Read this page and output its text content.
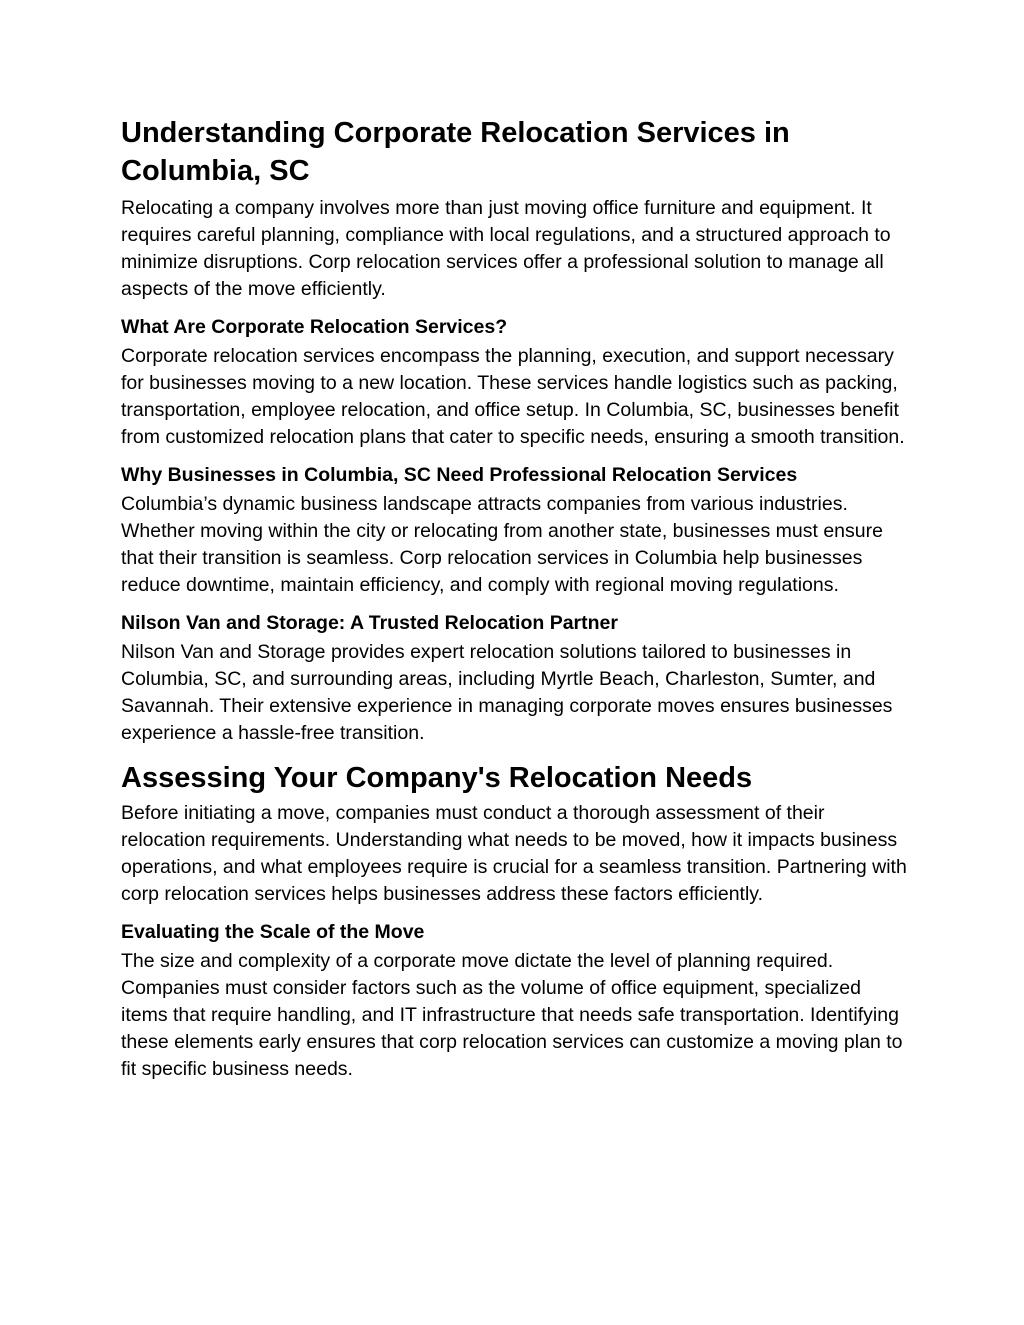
Understanding Corporate Relocation Services in Columbia, SC

Relocating a company involves more than just moving office furniture and equipment. It requires careful planning, compliance with local regulations, and a structured approach to minimize disruptions. Corp relocation services offer a professional solution to manage all aspects of the move efficiently.

What Are Corporate Relocation Services?

Corporate relocation services encompass the planning, execution, and support necessary for businesses moving to a new location. These services handle logistics such as packing, transportation, employee relocation, and office setup. In Columbia, SC, businesses benefit from customized relocation plans that cater to specific needs, ensuring a smooth transition.

Why Businesses in Columbia, SC Need Professional Relocation Services

Columbia’s dynamic business landscape attracts companies from various industries. Whether moving within the city or relocating from another state, businesses must ensure that their transition is seamless. Corp relocation services in Columbia help businesses reduce downtime, maintain efficiency, and comply with regional moving regulations.

Nilson Van and Storage: A Trusted Relocation Partner

Nilson Van and Storage provides expert relocation solutions tailored to businesses in Columbia, SC, and surrounding areas, including Myrtle Beach, Charleston, Sumter, and Savannah. Their extensive experience in managing corporate moves ensures businesses experience a hassle-free transition.

Assessing Your Company's Relocation Needs

Before initiating a move, companies must conduct a thorough assessment of their relocation requirements. Understanding what needs to be moved, how it impacts business operations, and what employees require is crucial for a seamless transition. Partnering with corp relocation services helps businesses address these factors efficiently.

Evaluating the Scale of the Move

The size and complexity of a corporate move dictate the level of planning required. Companies must consider factors such as the volume of office equipment, specialized items that require handling, and IT infrastructure that needs safe transportation. Identifying these elements early ensures that corp relocation services can customize a moving plan to fit specific business needs.
